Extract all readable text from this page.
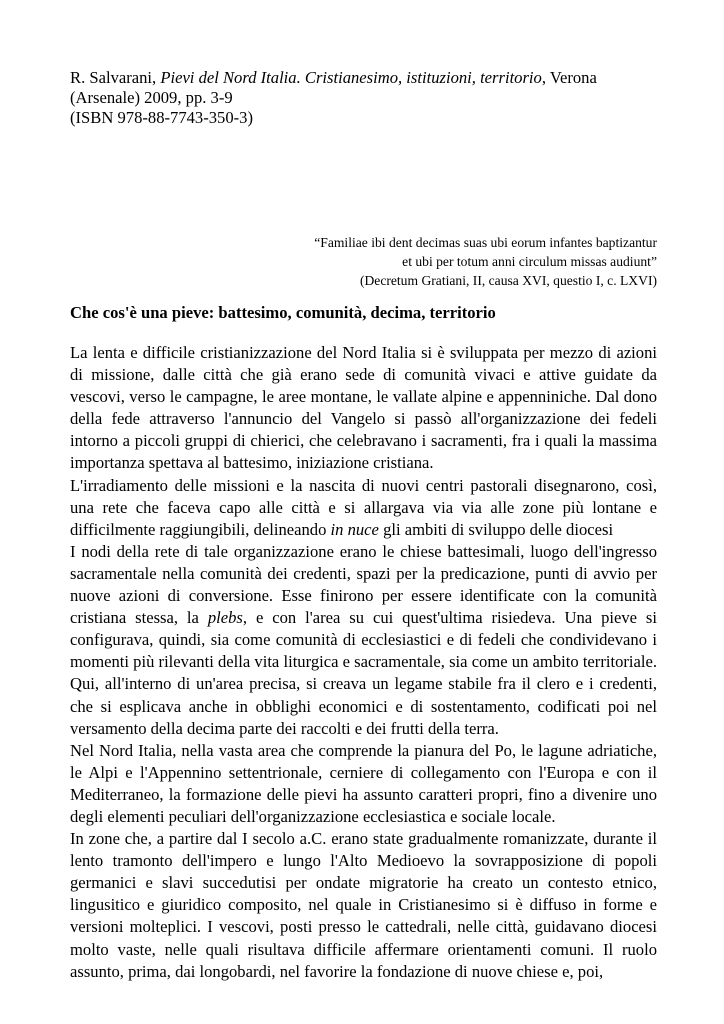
R. Salvarani, Pievi del Nord Italia. Cristianesimo, istituzioni, territorio, Verona

(Arsenale) 2009, pp. 3-9

(ISBN 978-88-7743-350-3)

“Familiae ibi dent decimas suas ubi eorum infantes baptizantur

et ubi per totum anni circulum missas audiunt”

(Decretum Gratiani, II, causa XVI, questio I, c. LXVI)

Che cos'è una pieve: battesimo, comunità, decima, territorio

La lenta e difficile cristianizzazione del Nord Italia si è sviluppata per mezzo di azioni di missione, dalle città che già erano sede di comunità vivaci e attive guidate da vescovi, verso le campagne, le aree montane, le vallate alpine e appenniniche. Dal dono della fede attraverso l'annuncio del Vangelo si passò all'organizzazione dei fedeli intorno a piccoli gruppi di chierici, che celebravano i sacramenti, fra i quali la massima importanza spettava al battesimo, iniziazione cristiana.

L'irradiamento delle missioni e la nascita di nuovi centri pastorali disegnarono, così, una rete che faceva capo alle città e si allargava via via alle zone più lontane e difficilmente raggiungibili, delineando in nuce gli ambiti di sviluppo delle diocesi

I nodi della rete di tale organizzazione erano le chiese battesimali, luogo dell'ingresso sacramentale nella comunità dei credenti, spazi per la predicazione, punti di avvio per nuove azioni di conversione. Esse finirono per essere identificate con la comunità cristiana stessa, la plebs, e con l'area su cui quest'ultima risiedeva. Una pieve si configurava, quindi, sia come comunità di ecclesiastici e di fedeli che condividevano i momenti più rilevanti della vita liturgica e sacramentale, sia come un ambito territoriale. Qui, all'interno di un'area precisa, si creava un legame stabile fra il clero e i credenti, che si esplicava anche in obblighi economici e di sostentamento, codificati poi nel versamento della decima parte dei raccolti e dei frutti della terra.

Nel Nord Italia, nella vasta area che comprende la pianura del Po, le lagune adriatiche, le Alpi e l'Appennino settentrionale, cerniere di collegamento con l'Europa e con il Mediterraneo, la formazione delle pievi ha assunto caratteri propri, fino a divenire uno degli elementi peculiari dell'organizzazione ecclesiastica e sociale locale.

In zone che, a partire dal I secolo a.C. erano state gradualmente romanizzate, durante il lento tramonto dell'impero e lungo l'Alto Medioevo la sovrapposizione di popoli germanici e slavi succedutisi per ondate migratorie ha creato un contesto etnico, lingusitico e giuridico composito, nel quale in Cristianesimo si è diffuso in forme e versioni molteplici. I vescovi, posti presso le cattedrali, nelle città, guidavano diocesi molto vaste, nelle quali risultava difficile affermare orientamenti comuni. Il ruolo assunto, prima, dai longobardi, nel favorire la fondazione di nuove chiese e, poi,
